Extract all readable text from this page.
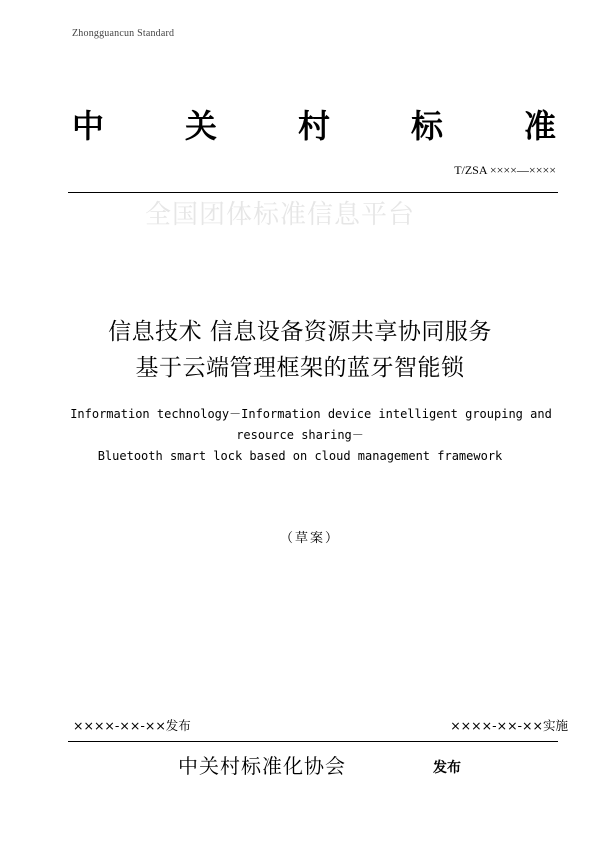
Zhongguancun Standard
中	关	村	标	准
T/ZSA ××××—××××
全国团体标准信息平台
信息技术 信息设备资源共享协同服务
基于云端管理框架的蓝牙智能锁
Information technology－Information device intelligent grouping and
resource sharing－
Bluetooth smart lock based on cloud management framework
（草案）
××××-××-××发布	××××-××-××实施
中关村标准化协会	发布
